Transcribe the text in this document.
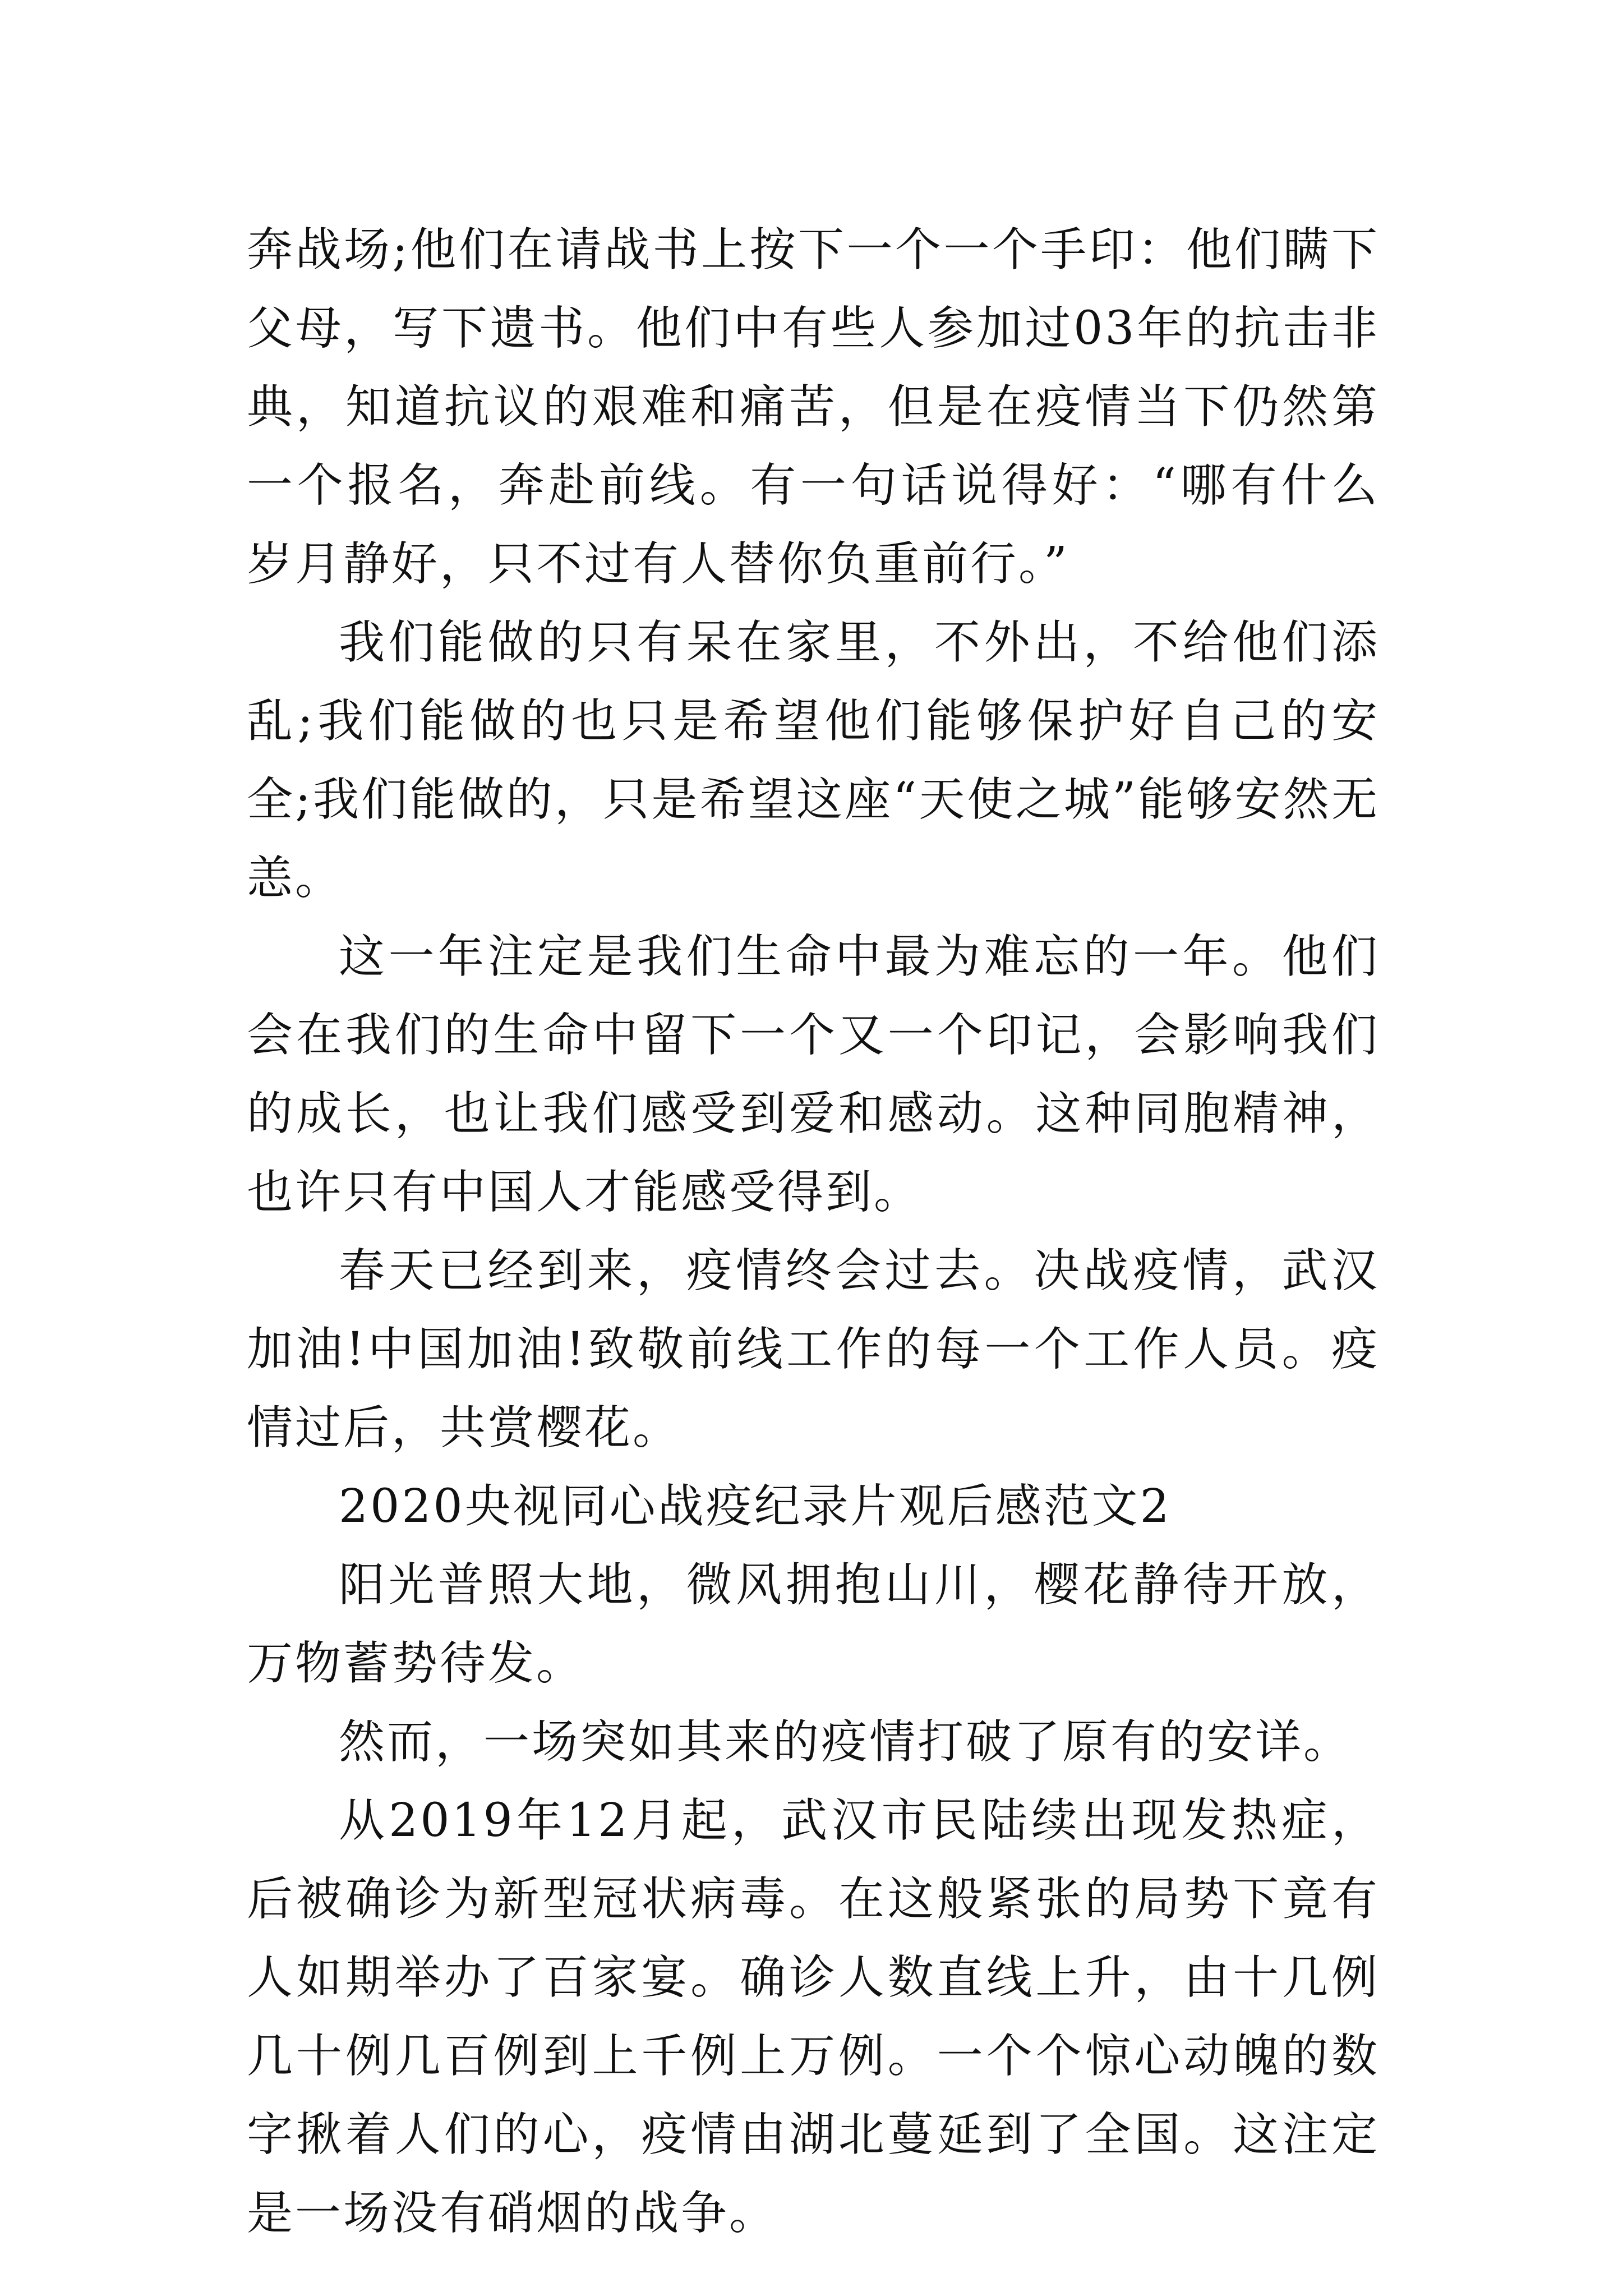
奔战场;他们在请战书上按下一个一个手印：他们瞒下父母，写下遗书。他们中有些人参加过03年的抗击非典，知道抗议的艰难和痛苦，但是在疫情当下仍然第一个报名，奔赴前线。有一句话说得好：“哪有什么岁月静好，只不过有人替你负重前行。”

我们能做的只有呆在家里，不外出，不给他们添乱;我们能做的也只是希望他们能够保护好自己的安全;我们能做的，只是希望这座“天使之城”能够安然无恙。

这一年注定是我们生命中最为难忘的一年。他们会在我们的生命中留下一个又一个印记，会影响我们的成长，也让我们感受到爱和感动。这种同胞精神，也许只有中国人才能感受得到。

春天已经到来，疫情终会过去。决战疫情，武汉加油!中国加油!致敬前线工作的每一个工作人员。疫情过后，共赏樱花。

2020央视同心战疫纪录片观后感范文2

阳光普照大地，微风拥抱山川，樱花静待开放，万物蓄势待发。

然而，一场突如其来的疫情打破了原有的安详。

从2019年12月起，武汉市民陆续出现发热症，后被确诊为新型冠状病毒。在这般紧张的局势下竟有人如期举办了百家宴。确诊人数直线上升，由十几例几十例几百例到上千例上万例。一个个惊心动魄的数字揪着人们的心，疫情由湖北蔓延到了全国。这注定是一场没有硝烟的战争。
